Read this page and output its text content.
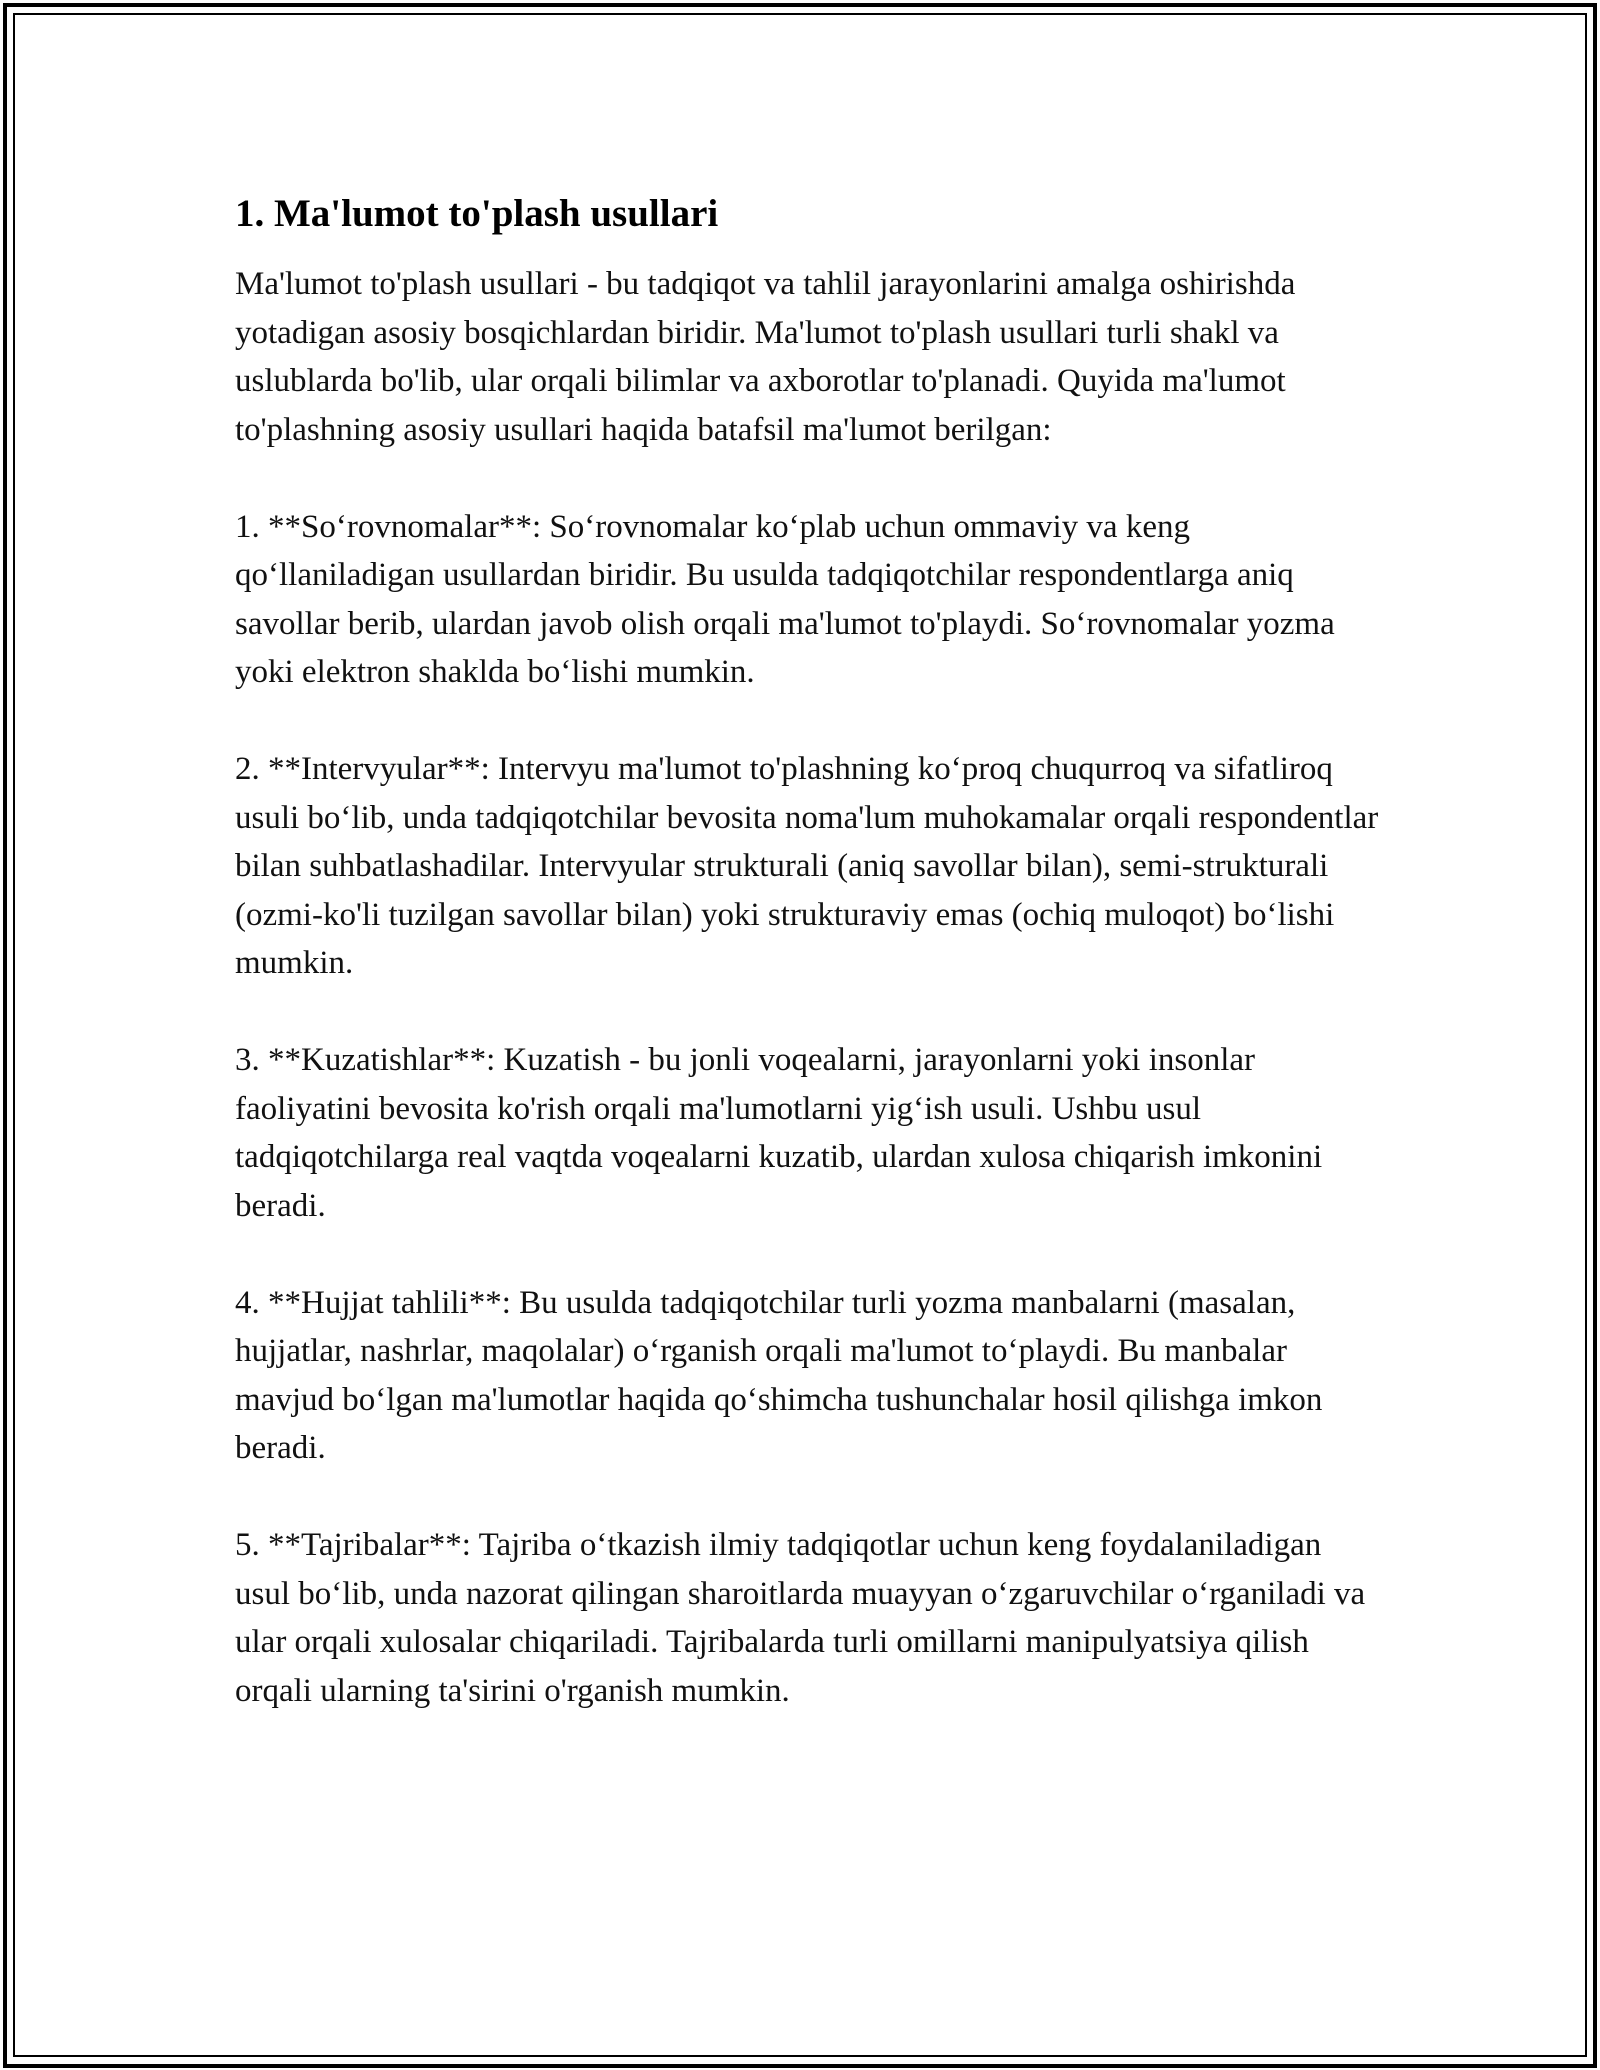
1. Ma'lumot to'plash usullari

Ma'lumot to'plash usullari - bu tadqiqot va tahlil jarayonlarini amalga oshirishda yotadigan asosiy bosqichlardan biridir. Ma'lumot to'plash usullari turli shakl va uslublarda bo'lib, ular orqali bilimlar va axborotlar to'planadi. Quyida ma'lumot to'plashning asosiy usullari haqida batafsil ma'lumot berilgan:

1. **So‘rovnomalar**: So‘rovnomalar ko‘plab uchun ommaviy va keng qo‘llaniladigan usullardan biridir. Bu usulda tadqiqotchilar respondentlarga aniq savollar berib, ulardan javob olish orqali ma'lumot to'playdi. So‘rovnomalar yozma yoki elektron shaklda bo‘lishi mumkin.

2. **Intervyular**: Intervyu ma'lumot to'plashning ko‘proq chuqurroq va sifatliroq usuli bo‘lib, unda tadqiqotchilar bevosita noma'lum muhokamalar orqali respondentlar bilan suhbatlashadilar. Intervyular strukturali (aniq savollar bilan), semi-strukturali (ozmi-ko'li tuzilgan savollar bilan) yoki strukturaviy emas (ochiq muloqot) bo‘lishi mumkin.

3. **Kuzatishlar**: Kuzatish - bu jonli voqealarni, jarayonlarni yoki insonlar faoliyatini bevosita ko'rish orqali ma'lumotlarni yig‘ish usuli. Ushbu usul tadqiqotchilarga real vaqtda voqealarni kuzatib, ulardan xulosa chiqarish imkonini beradi.

4. **Hujjat tahlili**: Bu usulda tadqiqotchilar turli yozma manbalarni (masalan, hujjatlar, nashrlar, maqolalar) o‘rganish orqali ma'lumot to‘playdi. Bu manbalar mavjud bo‘lgan ma'lumotlar haqida qo‘shimcha tushunchalar hosil qilishga imkon beradi.

5. **Tajribalar**: Tajriba o‘tkazish ilmiy tadqiqotlar uchun keng foydalaniladigan usul bo‘lib, unda nazorat qilingan sharoitlarda muayyan o‘zgaruvchilar o‘rganiladi va ular orqali xulosalar chiqariladi. Tajribalarda turli omillarni manipulyatsiya qilish orqali ularning ta'sirini o'rganish mumkin.
